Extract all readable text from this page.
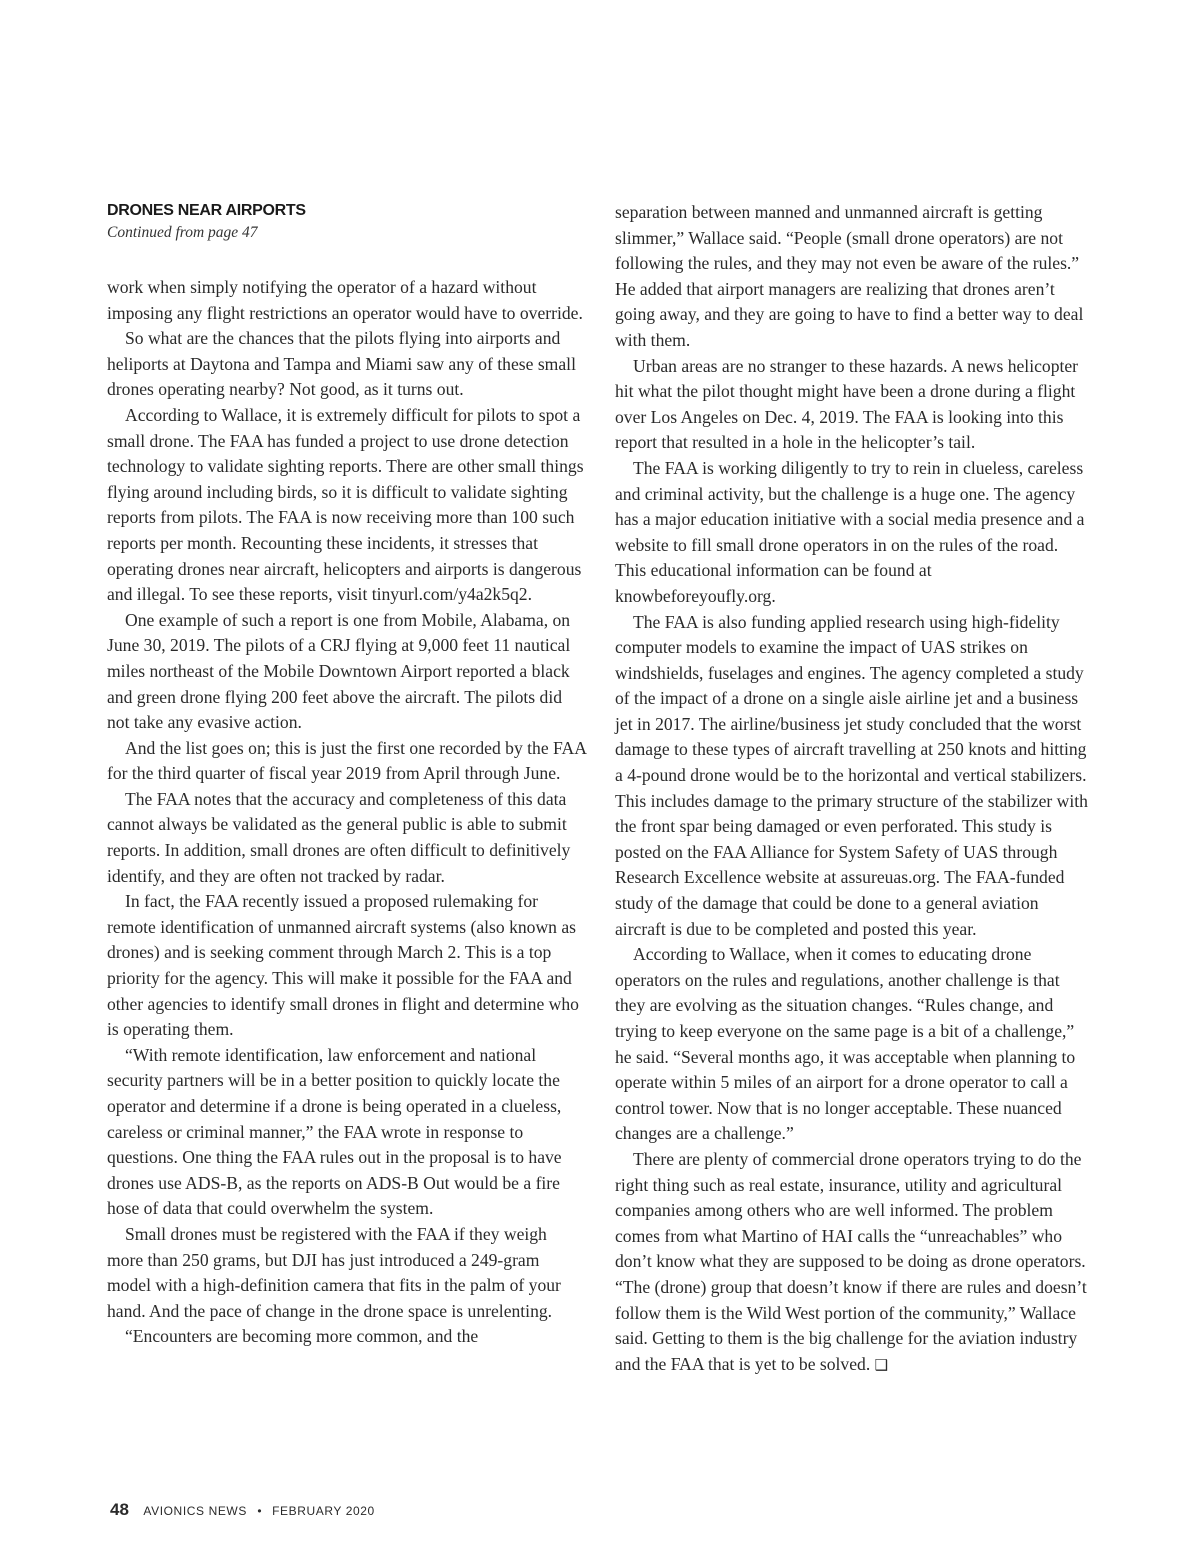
DRONES NEAR AIRPORTS
Continued from page 47

work when simply notifying the operator of a hazard without imposing any flight restrictions an operator would have to override.

So what are the chances that the pilots flying into airports and heliports at Daytona and Tampa and Miami saw any of these small drones operating nearby? Not good, as it turns out.

According to Wallace, it is extremely difficult for pilots to spot a small drone. The FAA has funded a project to use drone detection technology to validate sighting reports. There are other small things flying around including birds, so it is difficult to validate sighting reports from pilots. The FAA is now receiving more than 100 such reports per month. Recounting these incidents, it stresses that operating drones near aircraft, helicopters and airports is dangerous and illegal. To see these reports, visit tinyurl.com/y4a2k5q2.

One example of such a report is one from Mobile, Alabama, on June 30, 2019. The pilots of a CRJ flying at 9,000 feet 11 nautical miles northeast of the Mobile Downtown Airport reported a black and green drone flying 200 feet above the aircraft. The pilots did not take any evasive action.

And the list goes on; this is just the first one recorded by the FAA for the third quarter of fiscal year 2019 from April through June.

The FAA notes that the accuracy and completeness of this data cannot always be validated as the general public is able to submit reports. In addition, small drones are often difficult to definitively identify, and they are often not tracked by radar.

In fact, the FAA recently issued a proposed rulemaking for remote identification of unmanned aircraft systems (also known as drones) and is seeking comment through March 2. This is a top priority for the agency. This will make it possible for the FAA and other agencies to identify small drones in flight and determine who is operating them.

“With remote identification, law enforcement and national security partners will be in a better position to quickly locate the operator and determine if a drone is being operated in a clueless, careless or criminal manner,” the FAA wrote in response to questions. One thing the FAA rules out in the proposal is to have drones use ADS-B, as the reports on ADS-B Out would be a fire hose of data that could overwhelm the system.

Small drones must be registered with the FAA if they weigh more than 250 grams, but DJI has just introduced a 249-gram model with a high-definition camera that fits in the palm of your hand. And the pace of change in the drone space is unrelenting.

“Encounters are becoming more common, and the

separation between manned and unmanned aircraft is getting slimmer,” Wallace said. “People (small drone operators) are not following the rules, and they may not even be aware of the rules.” He added that airport managers are realizing that drones aren’t going away, and they are going to have to find a better way to deal with them.

Urban areas are no stranger to these hazards. A news helicopter hit what the pilot thought might have been a drone during a flight over Los Angeles on Dec. 4, 2019. The FAA is looking into this report that resulted in a hole in the helicopter’s tail.

The FAA is working diligently to try to rein in clueless, careless and criminal activity, but the challenge is a huge one. The agency has a major education initiative with a social media presence and a website to fill small drone operators in on the rules of the road. This educational information can be found at knowbeforeyoufly.org.

The FAA is also funding applied research using high-fidelity computer models to examine the impact of UAS strikes on windshields, fuselages and engines. The agency completed a study of the impact of a drone on a single aisle airline jet and a business jet in 2017. The airline/business jet study concluded that the worst damage to these types of aircraft travelling at 250 knots and hitting a 4-pound drone would be to the horizontal and vertical stabilizers. This includes damage to the primary structure of the stabilizer with the front spar being damaged or even perforated. This study is posted on the FAA Alliance for System Safety of UAS through Research Excellence website at assureuas.org. The FAA-funded study of the damage that could be done to a general aviation aircraft is due to be completed and posted this year.

According to Wallace, when it comes to educating drone operators on the rules and regulations, another challenge is that they are evolving as the situation changes. “Rules change, and trying to keep everyone on the same page is a bit of a challenge,” he said. “Several months ago, it was acceptable when planning to operate within 5 miles of an airport for a drone operator to call a control tower. Now that is no longer acceptable. These nuanced changes are a challenge.”

There are plenty of commercial drone operators trying to do the right thing such as real estate, insurance, utility and agricultural companies among others who are well informed. The problem comes from what Martino of HAI calls the “unreachables” who don’t know what they are supposed to be doing as drone operators.

“The (drone) group that doesn’t know if there are rules and doesn’t follow them is the Wild West portion of the community,” Wallace said. Getting to them is the big challenge for the aviation industry and the FAA that is yet to be solved. ❑

48 AVIONICS NEWS • FEBRUARY 2020
